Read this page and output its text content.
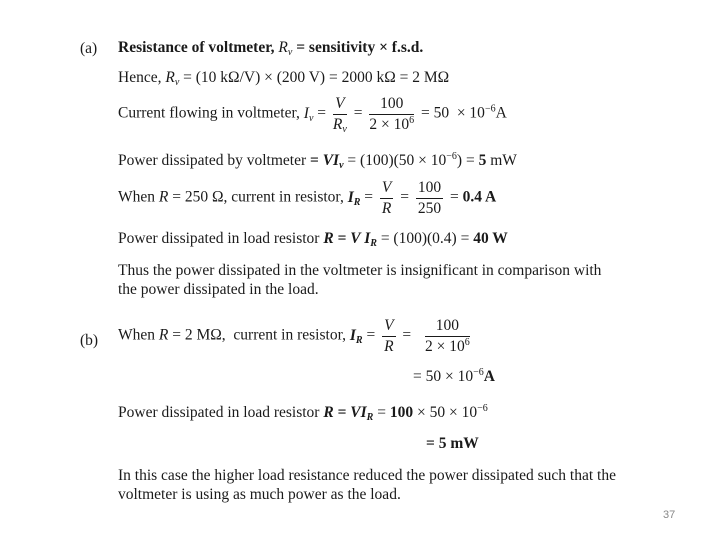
(a) Resistance of voltmeter, $R_v$ = sensitivity × f.s.d.
Hence, $R_v = (10$ kΩ/V) × (200 V) = 2000 kΩ = 2 MΩ
Current flowing in voltmeter, $I_v = \frac{V}{R_v} = \frac{100}{2 \times 10^6} = 50 \times 10^{-6}A$
Power dissipated by voltmeter = $VI_v = (100)(50 \times 10^{-6}) = 5$ mW
When R = 250 Ω, current in resistor, $I_R = \frac{V}{R} = \frac{100}{250} = 0.4$ A
Power dissipated in load resistor R = V $I_R = (100)(0.4) = 40$ W
Thus the power dissipated in the voltmeter is insignificant in comparison with the power dissipated in the load.
(b) When R = 2 MΩ,  current in resistor, $I_R = \frac{V}{R} = \frac{100}{2 \times 10^6}$
= $50 \times 10^{-6}A$
Power dissipated in load resistor $R = VI_R = 100 \times 50 \times 10^{-6}$
= 5 mW
In this case the higher load resistance reduced the power dissipated such that the voltmeter is using as much power as the load.
37
